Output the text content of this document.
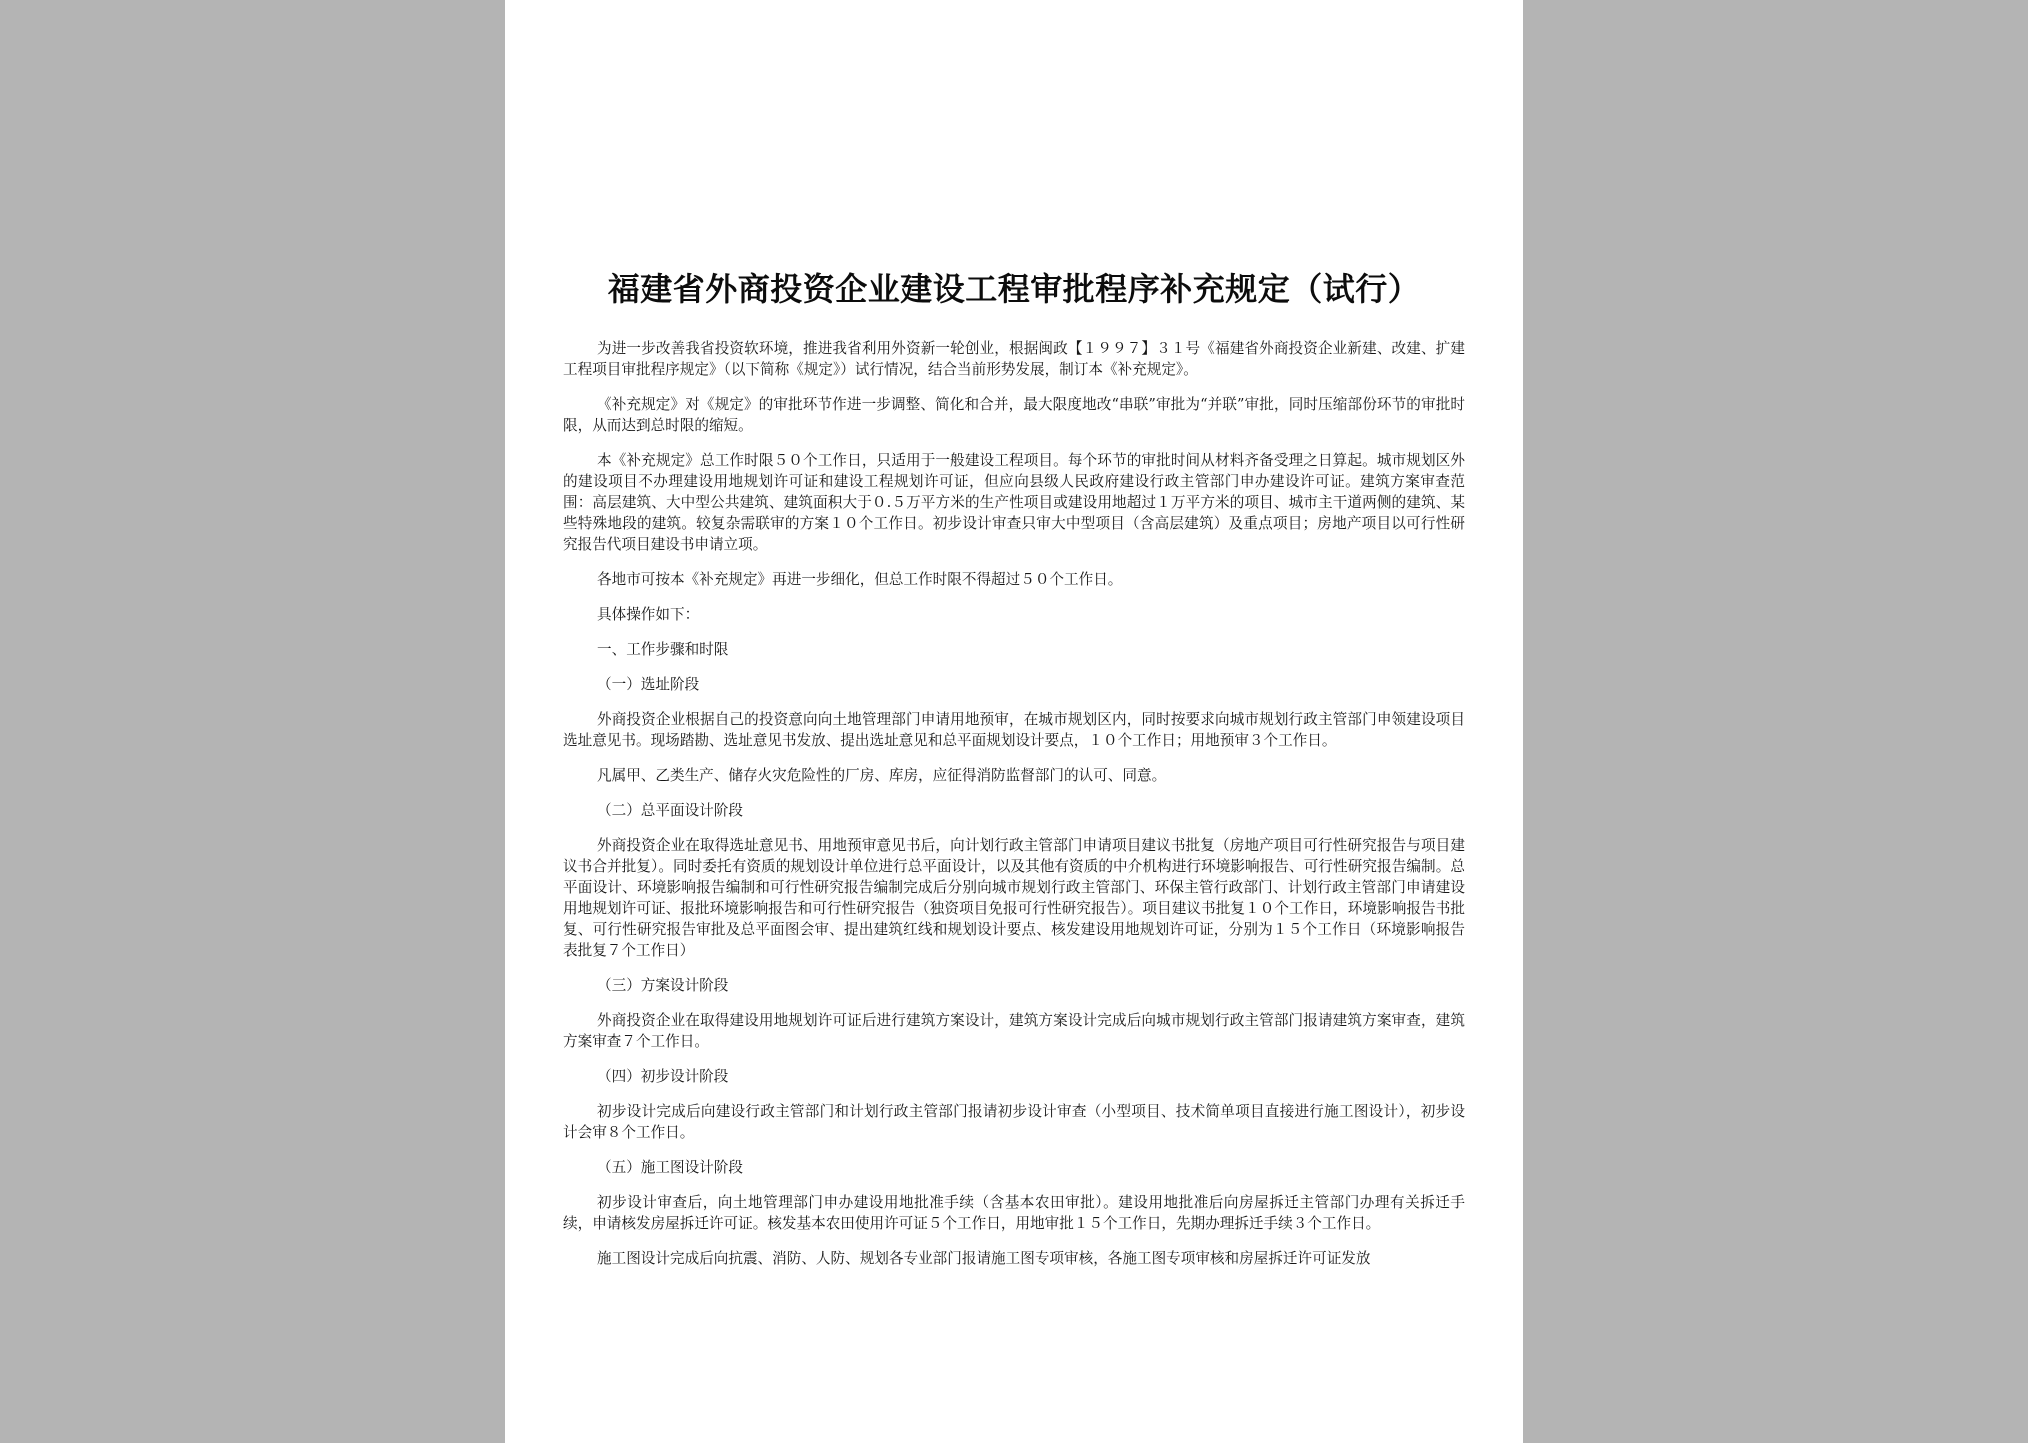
福建省外商投资企业建设工程审批程序补充规定（试行）

为进一步改善我省投资软环境，推进我省利用外资新一轮创业，根据闽政【１９９７】３１号《福建省外商投资企业新建、改建、扩建工程项目审批程序规定》（以下简称《规定》）试行情况，结合当前形势发展，制订本《补充规定》。

《补充规定》对《规定》的审批环节作进一步调整、简化和合并，最大限度地改“串联”审批为“并联”审批，同时压缩部份环节的审批时限，从而达到总时限的缩短。

本《补充规定》总工作时限５０个工作日，只适用于一般建设工程项目。每个环节的审批时间从材料齐备受理之日算起。城市规划区外的建设项目不办理建设用地规划许可证和建设工程规划许可证，但应向县级人民政府建设行政主管部门申办建设许可证。建筑方案审查范围：高层建筑、大中型公共建筑、建筑面积大于０.５万平方米的生产性项目或建设用地超过１万平方米的项目、城市主干道两侧的建筑、某些特殊地段的建筑。较复杂需联审的方案１０个工作日。初步设计审查只审大中型项目（含高层建筑）及重点项目；房地产项目以可行性研究报告代项目建设书申请立项。

各地市可按本《补充规定》再进一步细化，但总工作时限不得超过５０个工作日。

具体操作如下：

一、工作步骤和时限

（一）选址阶段

外商投资企业根据自己的投资意向向土地管理部门申请用地预审，在城市规划区内，同时按要求向城市规划行政主管部门申领建设项目选址意见书。现场踏勘、选址意见书发放、提出选址意见和总平面规划设计要点，１０个工作日；用地预审３个工作日。

凡属甲、乙类生产、储存火灾危险性的厂房、库房，应征得消防监督部门的认可、同意。

（二）总平面设计阶段

外商投资企业在取得选址意见书、用地预审意见书后，向计划行政主管部门申请项目建议书批复（房地产项目可行性研究报告与项目建议书合并批复）。同时委托有资质的规划设计单位进行总平面设计，以及其他有资质的中介机构进行环境影响报告、可行性研究报告编制。总平面设计、环境影响报告编制和可行性研究报告编制完成后分别向城市规划行政主管部门、环保主管行政部门、计划行政主管部门申请建设用地规划许可证、报批环境影响报告和可行性研究报告（独资项目免报可行性研究报告）。项目建议书批复１０个工作日，环境影响报告书批复、可行性研究报告审批及总平面图会审、提出建筑红线和规划设计要点、核发建设用地规划许可证，分别为１５个工作日（环境影响报告表批复７个工作日）

（三）方案设计阶段

外商投资企业在取得建设用地规划许可证后进行建筑方案设计，建筑方案设计完成后向城市规划行政主管部门报请建筑方案审查，建筑方案审查７个工作日。

（四）初步设计阶段

初步设计完成后向建设行政主管部门和计划行政主管部门报请初步设计审查（小型项目、技术简单项目直接进行施工图设计），初步设计会审８个工作日。

（五）施工图设计阶段

初步设计审查后，向土地管理部门申办建设用地批准手续（含基本农田审批）。建设用地批准后向房屋拆迁主管部门办理有关拆迁手续，申请核发房屋拆迁许可证。核发基本农田使用许可证５个工作日，用地审批１５个工作日，先期办理拆迁手续３个工作日。

施工图设计完成后向抗震、消防、人防、规划各专业部门报请施工图专项审核，各施工图专项审核和房屋拆迁许可证发放
